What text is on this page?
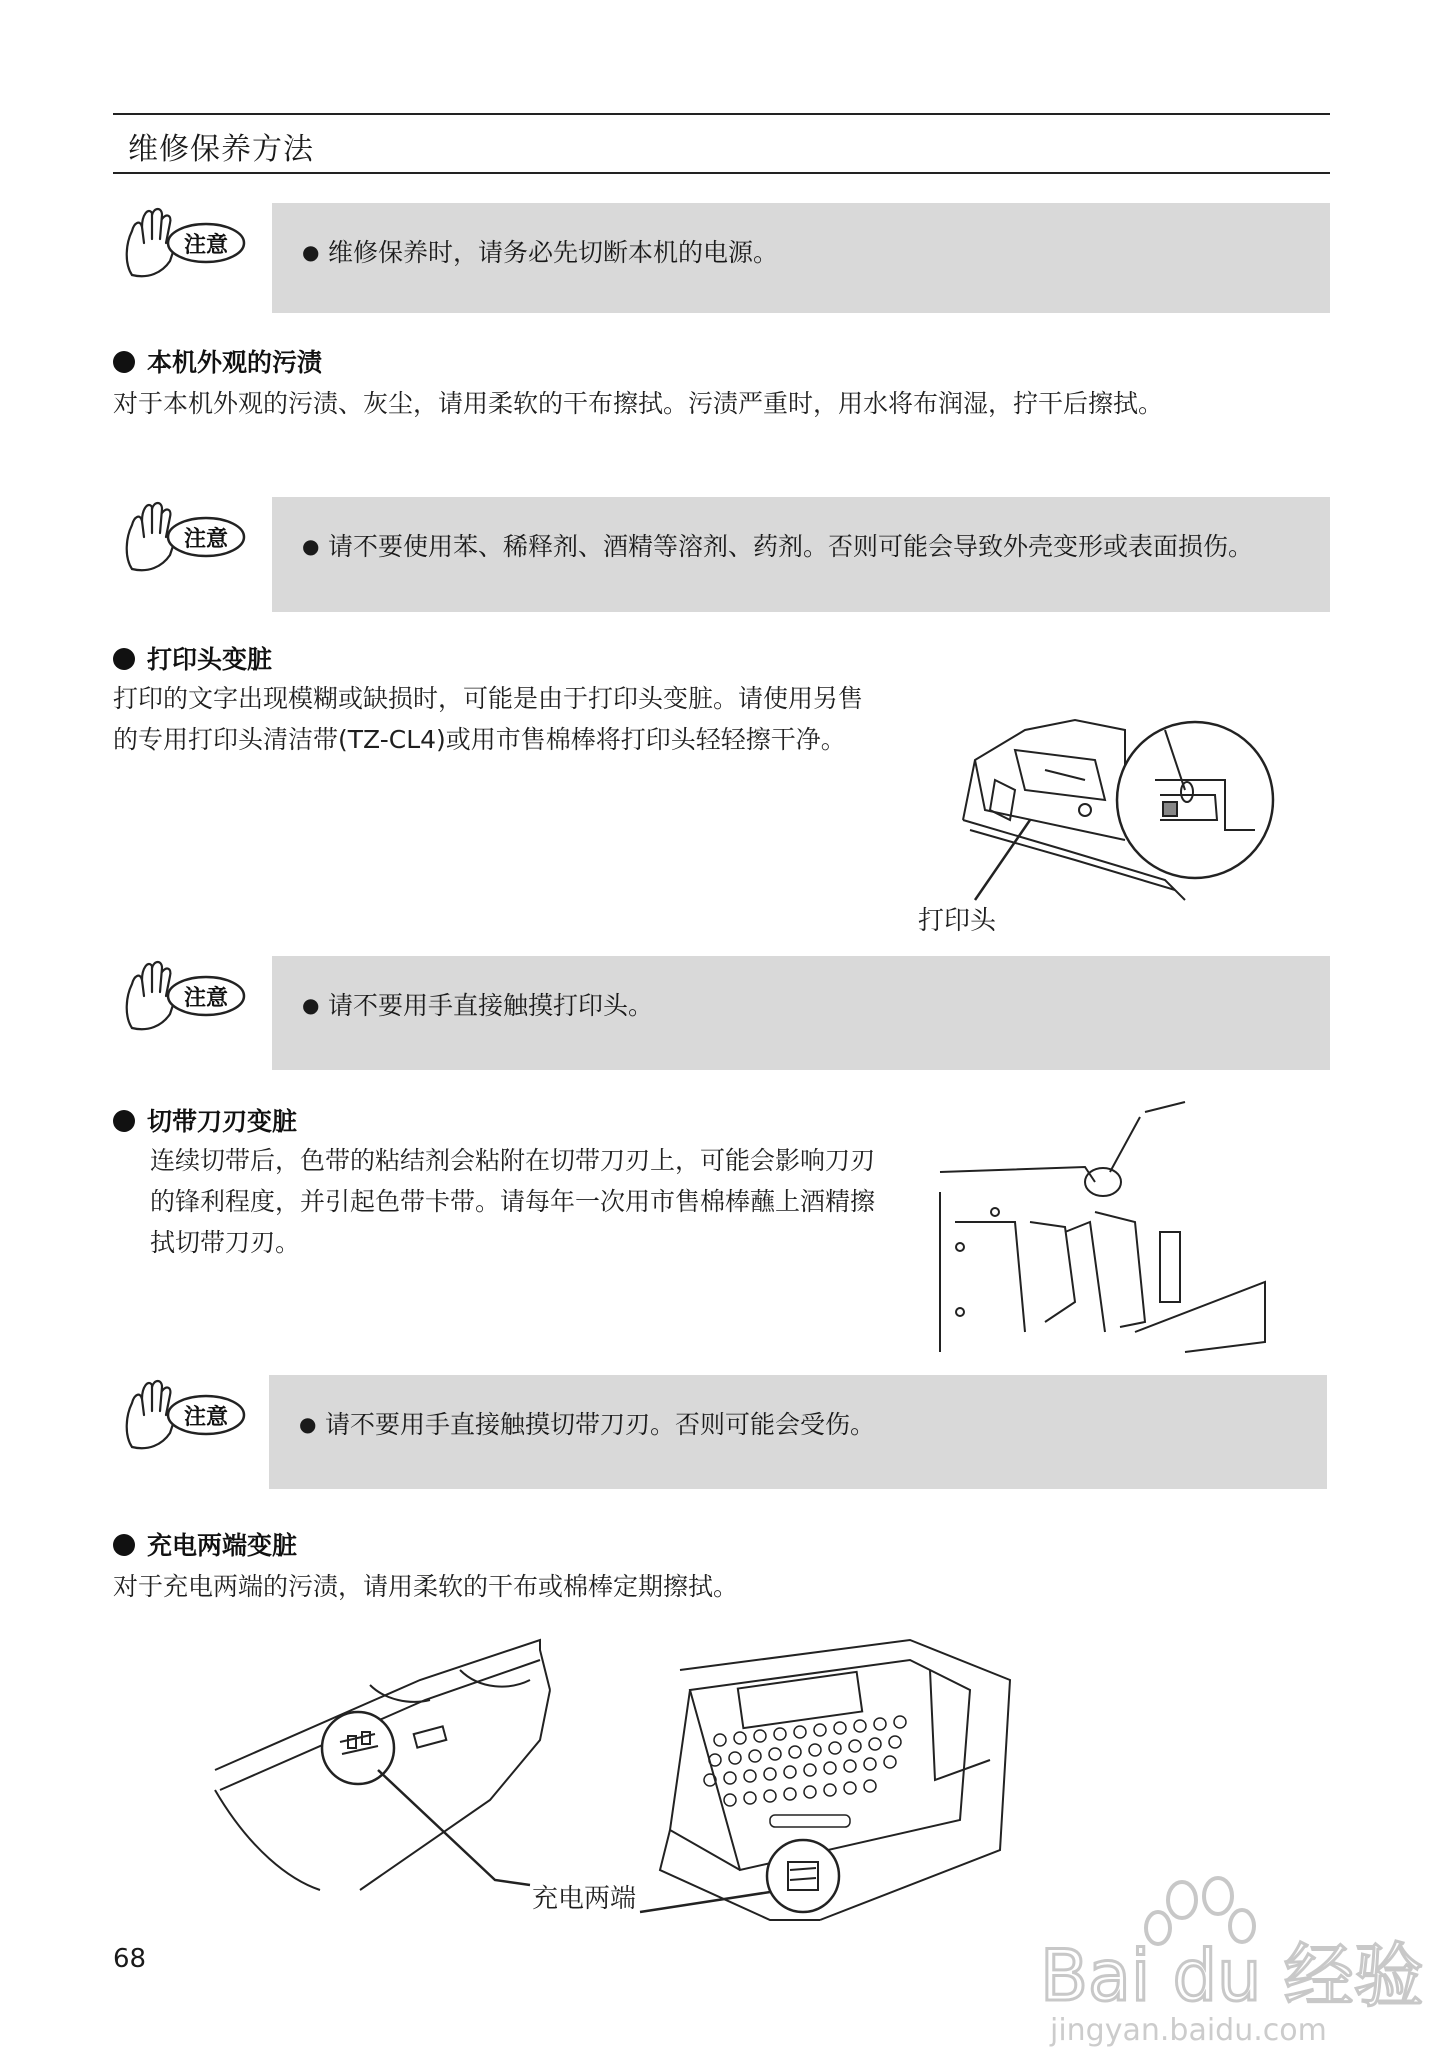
维修保养方法
注意	● 维修保养时，请务必先切断本机的电源。
本机外观的污渍
对于本机外观的污渍、灰尘，请用柔软的干布擦拭。污渍严重时，用水将布润湿，拧干后擦拭。
注意	● 请不要使用苯、稀释剂、酒精等溶剂、药剂。否则可能会导致外壳变形或表面损伤。
打印头变脏
打印的文字出现模糊或缺损时，可能是由于打印头变脏。请使用另售的专用打印头清洁带(TZ-CL4)或用市售棉棒将打印头轻轻擦干净。
打印头
注意	● 请不要用手直接触摸打印头。
切带刀刃变脏
连续切带后，色带的粘结剂会粘附在切带刀刃上，可能会影响刀刃的锋利程度，并引起色带卡带。请每年一次用市售棉棒蘸上酒精擦拭切带刀刃。
注意	● 请不要用手直接触摸切带刀刃。否则可能会受伤。
充电两端变脏
对于充电两端的污渍，请用柔软的干布或棉棒定期擦拭。
充电两端
68	Bai du 经验
jingyan.baidu.com
